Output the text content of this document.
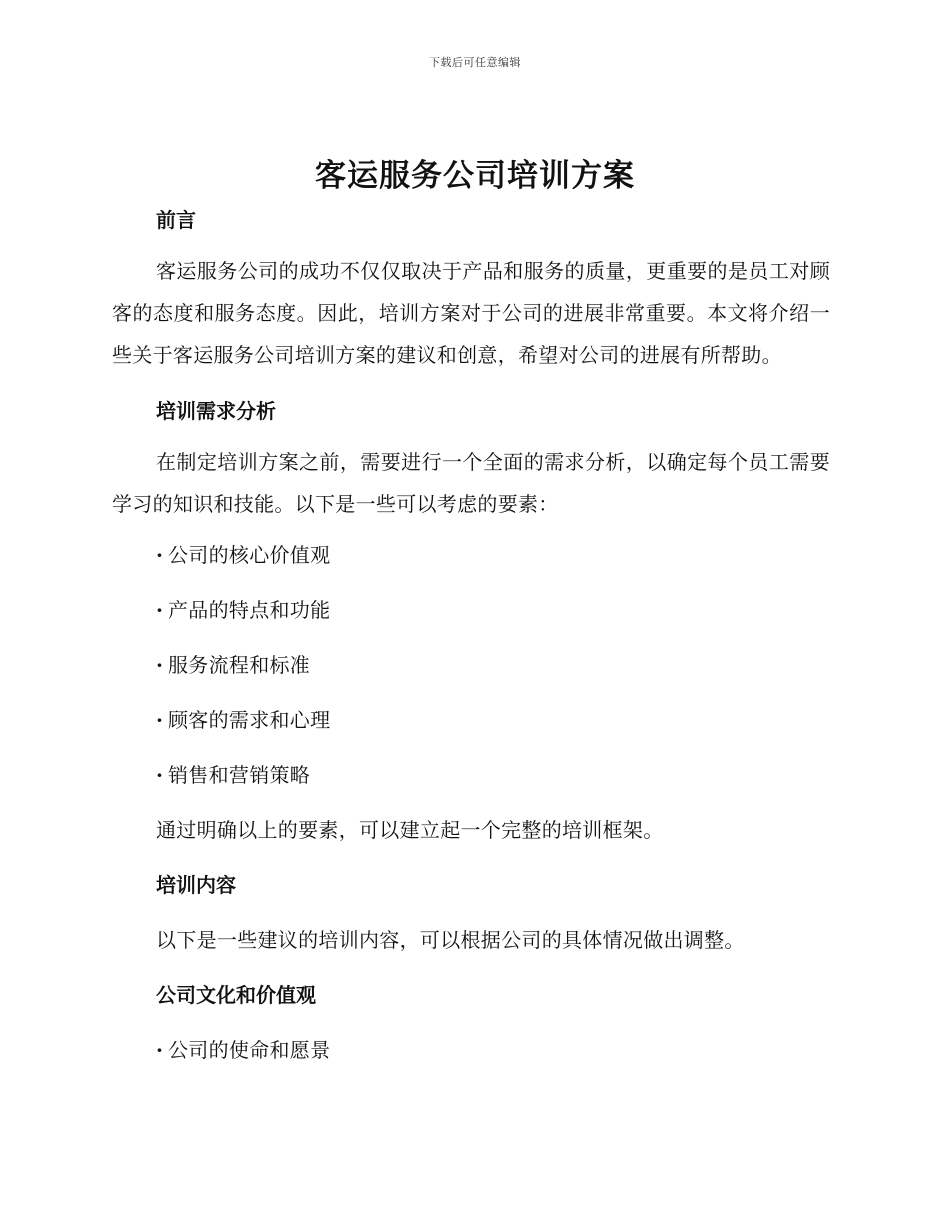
下载后可任意编辑
客运服务公司培训方案
前言

客运服务公司的成功不仅仅取决于产品和服务的质量，更重要的是员工对顾客的态度和服务态度。因此，培训方案对于公司的进展非常重要。本文将介绍一些关于客运服务公司培训方案的建议和创意，希望对公司的进展有所帮助。

培训需求分析

在制定培训方案之前，需要进行一个全面的需求分析，以确定每个员工需要学习的知识和技能。以下是一些可以考虑的要素：

· 公司的核心价值观
· 产品的特点和功能
· 服务流程和标准
· 顾客的需求和心理
· 销售和营销策略

通过明确以上的要素，可以建立起一个完整的培训框架。

培训内容

以下是一些建议的培训内容，可以根据公司的具体情况做出调整。

公司文化和价值观
· 公司的使命和愿景
